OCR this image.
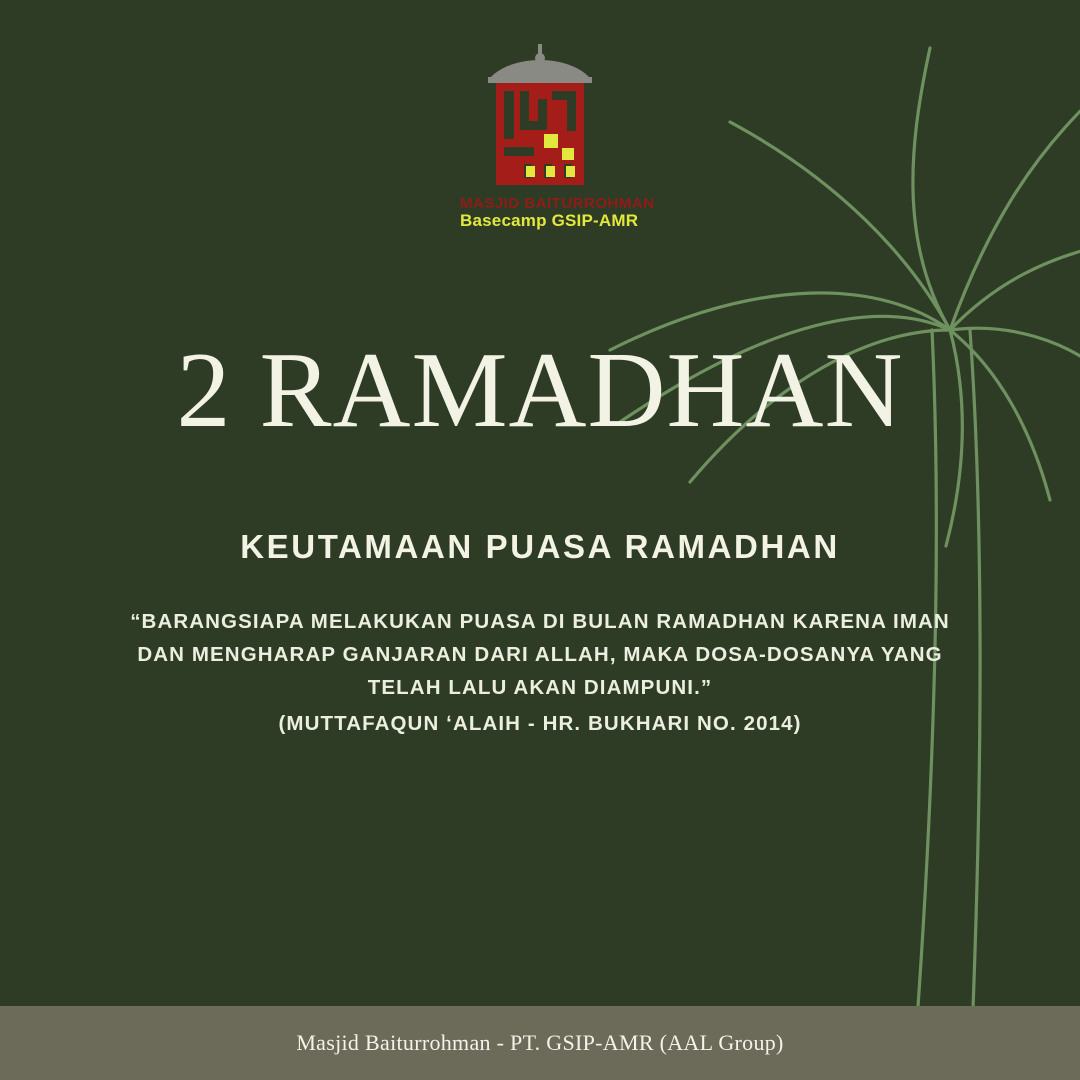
MASJID BAITURROHMAN
Basecamp GSIP-AMR
2 RAMADHAN
KEUTAMAAN PUASA RAMADHAN
“BARANGSIAPA MELAKUKAN PUASA DI BULAN RAMADHAN KARENA IMAN DAN MENGHARAP GANJARAN DARI ALLAH, MAKA DOSA-DOSANYA YANG TELAH LALU AKAN DIAMPUNI.”
(MUTTAFAQUN ʻALAIH - HR. BUKHARI NO. 2014)
Masjid Baiturrohman - PT. GSIP-AMR (AAL Group)
